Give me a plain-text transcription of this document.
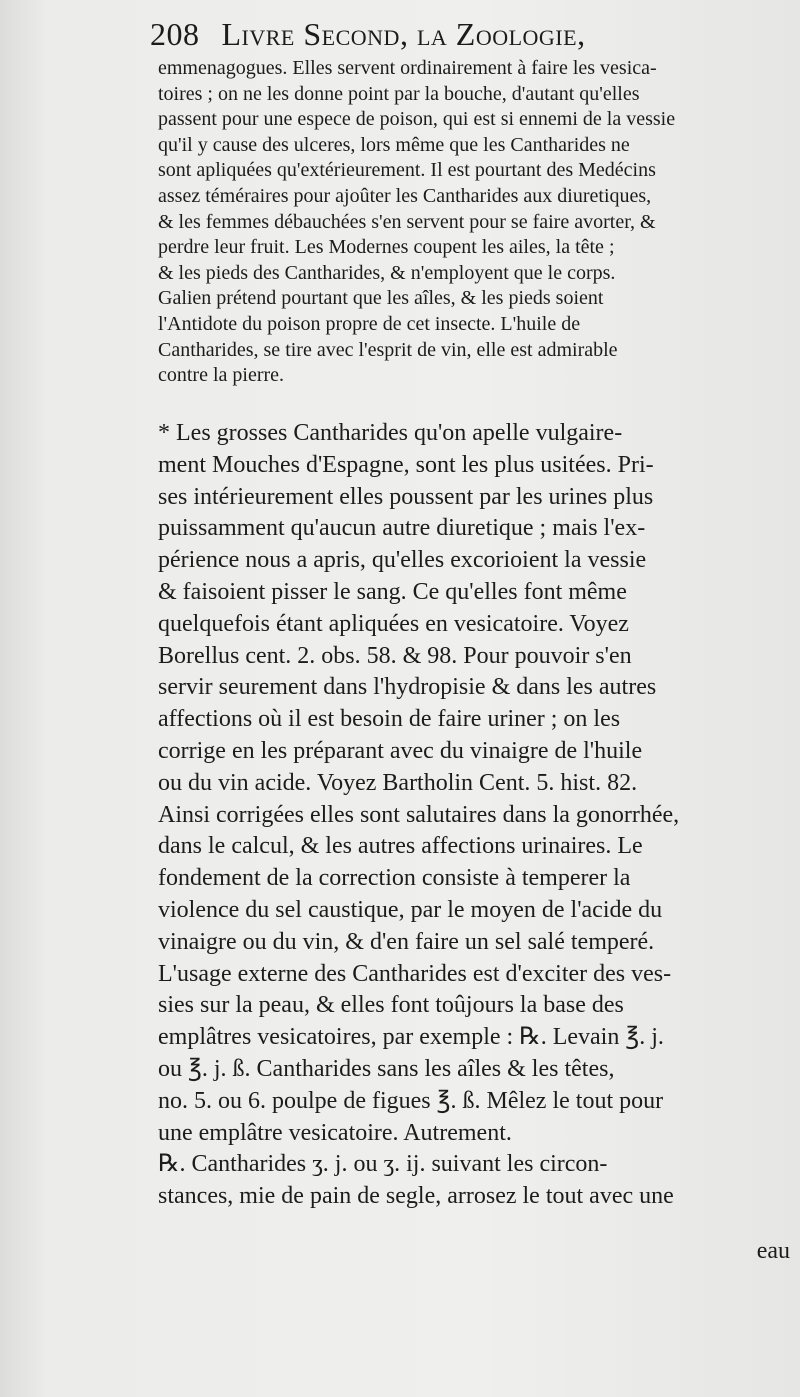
208 Livre Second, la Zoologie,
emmenagogues. Elles servent ordinairement à faire les vesica-
toires ; on ne les donne point par la bouche, d'autant qu'elles
passent pour une espece de poison, qui est si ennemi de la vessie
qu'il y cause des ulceres, lors même que les Cantharides ne
sont apliquées qu'extérieurement. Il est pourtant des Medécins
assez téméraires pour ajoûter les Cantharides aux diuretiques,
& les femmes débauchées s'en servent pour se faire avorter, &
perdre leur fruit. Les Modernes coupent les ailes, la tête ;
& les pieds des Cantharides, & n'employent que le corps.
Galien prétend pourtant que les aîles, & les pieds soient
l'Antidote du poison propre de cet insecte. L'huile de
Cantharides, se tire avec l'esprit de vin, elle est admirable
contre la pierre.
* Les grosses Cantharides qu'on apelle vulgaire-
ment Mouches d'Espagne, sont les plus usitées. Pri-
ses intérieurement elles poussent par les urines plus
puissamment qu'aucun autre diuretique ; mais l'ex-
périence nous a apris, qu'elles excorioient la vessie
& faisoient pisser le sang. Ce qu'elles font même
quelquefois étant apliquées en vesicatoire. Voyez
Borellus cent. 2. obs. 58. & 98. Pour pouvoir s'en
servir seurement dans l'hydropisie & dans les autres
affections où il est besoin de faire uriner ; on les
corrige en les préparant avec du vinaigre de l'huile
ou du vin acide. Voyez Bartholin Cent. 5. hist. 82.
Ainsi corrigées elles sont salutaires dans la gonorrhée,
dans le calcul, & les autres affections urinaires. Le
fondement de la correction consiste à temperer la
violence du sel caustique, par le moyen de l'acide du
vinaigre ou du vin, & d'en faire un sel salé temperé.
L'usage externe des Cantharides est d'exciter des ves-
sies sur la peau, & elles font toûjours la base des
emplâtres vesicatoires, par exemple : ℞. Levain ℥. j.
ou ℥. j. ß. Cantharides sans les aîles & les têtes,
no. 5. ou 6. poulpe de figues ℥. ß. Mêlez le tout pour
une emplâtre vesicatoire. Autrement.
℞. Cantharides ʒ. j. ou ʒ. ij. suivant les circon-
stances, mie de pain de segle, arrosez le tout avec une
eau
